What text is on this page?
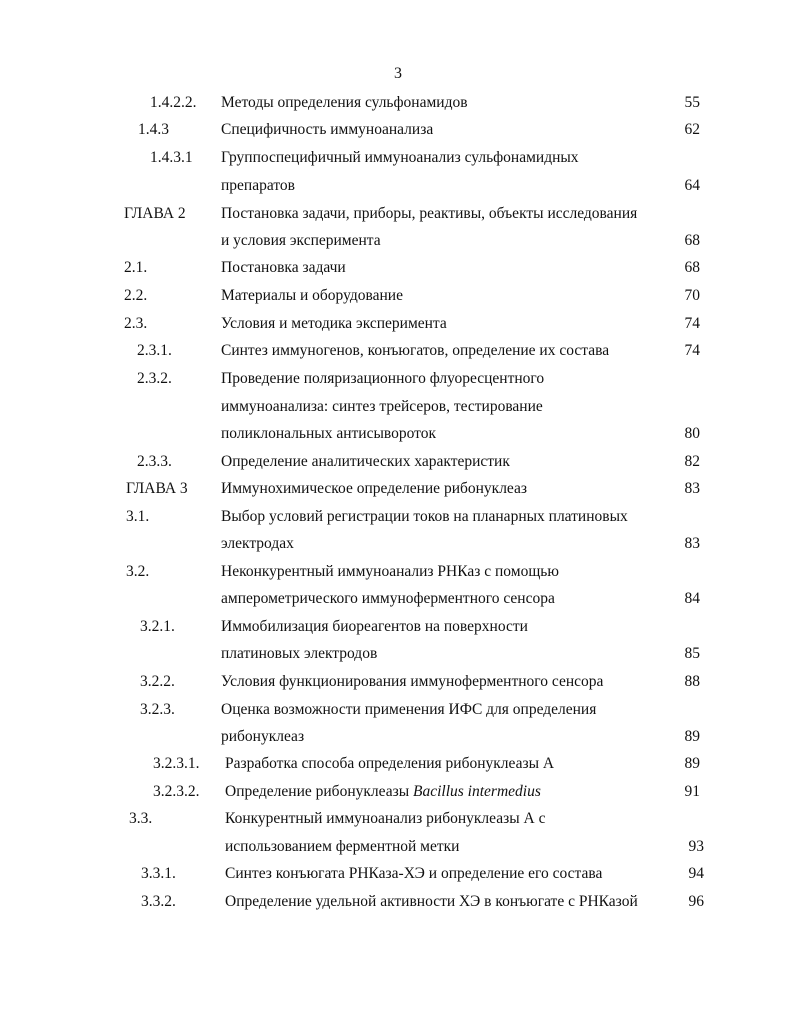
3
1.4.2.2. Методы определения сульфонамидов	55
1.4.3	Специфичность иммуноанализа	62
1.4.3.1 Группоспецифичный иммуноанализ сульфонамидных
препаратов	64
ГЛАВА 2 Постановка задачи, приборы, реактивы, объекты исследования
и условия эксперимента	68
2.1.	Постановка задачи	68
2.2.	Материалы и оборудование	70
2.3.	Условия и методика эксперимента	74
2.3.1.	Синтез иммуногенов, конъюгатов, определение их состава	74
2.3.2.	Проведение поляризационного флуоресцентного
иммуноанализа: синтез трейсеров, тестирование
поликлональных антисывороток	80
2.3.3.	Определение аналитических характеристик	82
ГЛАВА 3 Иммунохимическое определение рибонуклеаз	83
3.1.	Выбор условий регистрации токов на планарных платиновых
электродах	83
3.2.	Неконкурентный иммуноанализ РНКаз с помощью
амперометрического иммуноферментного сенсора	84
3.2.1.	Иммобилизация биореагентов на поверхности
платиновых электродов	85
3.2.2.	Условия функционирования иммуноферментного сенсора	88
3.2.3.	Оценка возможности применения ИФС для определения
рибонуклеаз	89
3.2.3.1. Разработка способа определения рибонуклеазы А	89
3.2.3.2. Определение рибонуклеазы Bacillus intermedius	91
3.3.	Конкурентный иммуноанализ рибонуклеазы А с
использованием ферментной метки	93
3.3.1.	Синтез конъюгата РНКаза-ХЭ и определение его состава	94
3.3.2.	Определение удельной активности ХЭ в конъюгате с РНКазой	96
